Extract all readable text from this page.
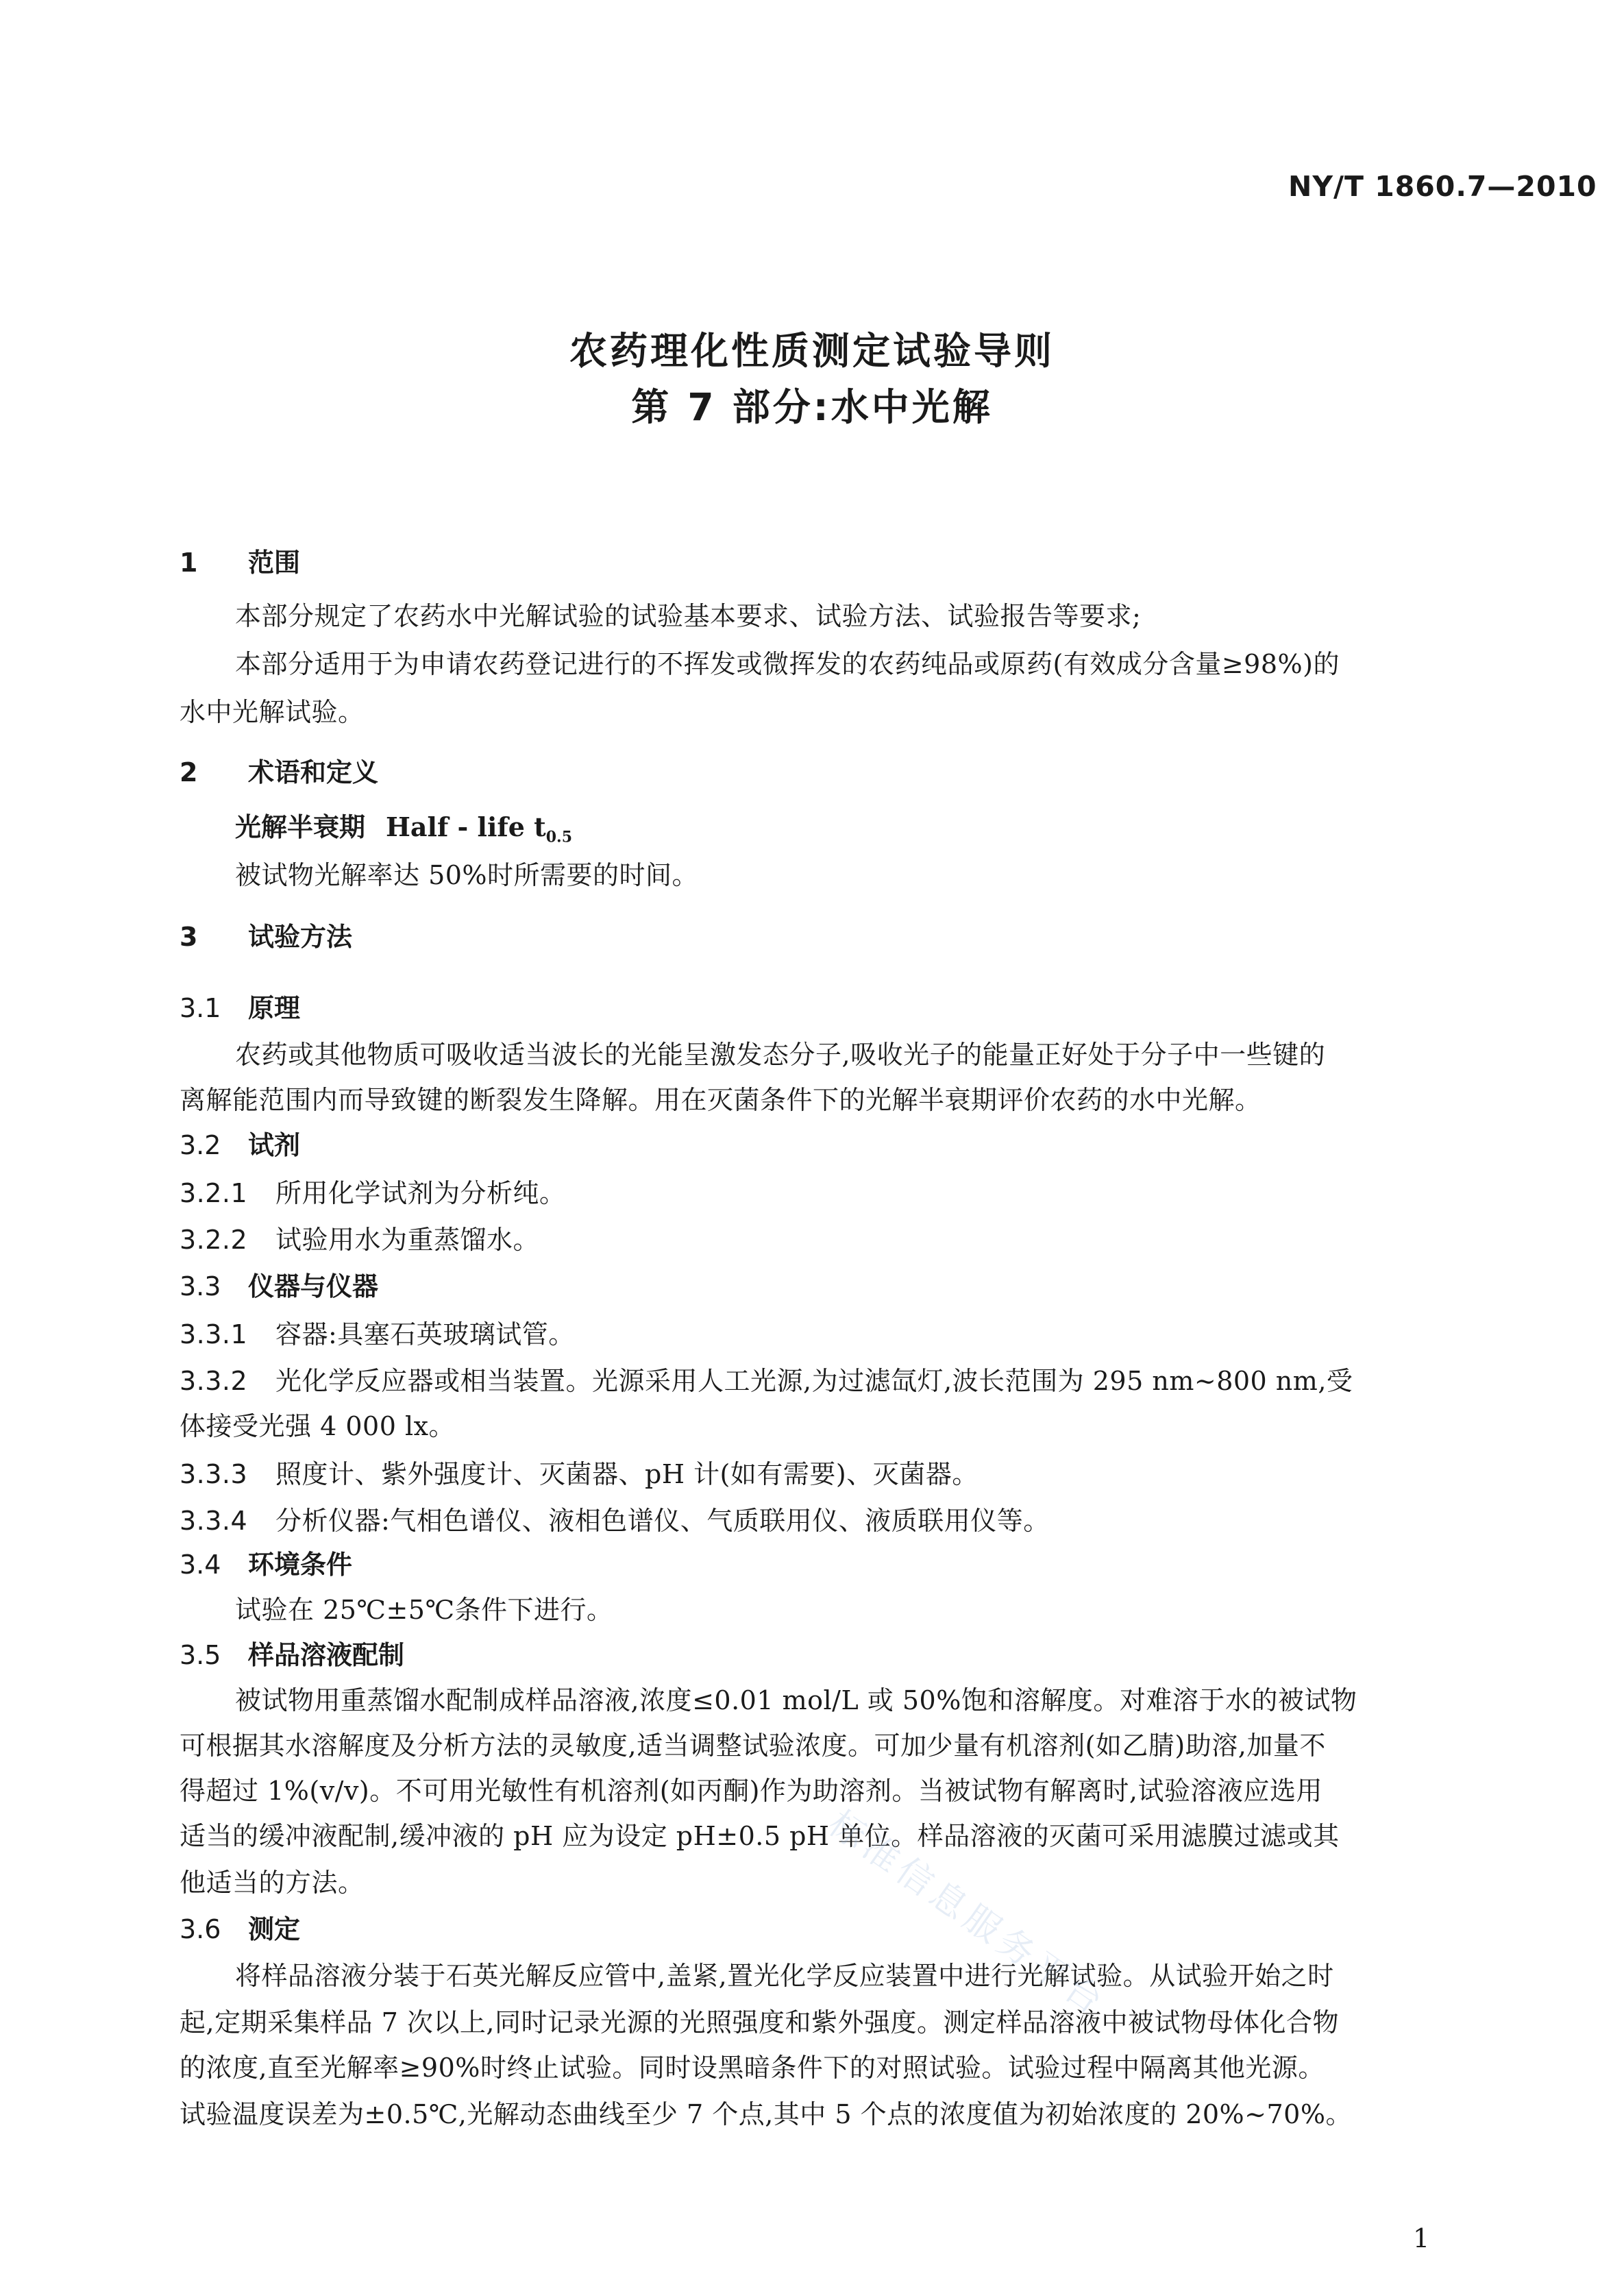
NY/T 1860.7—2010
农药理化性质测定试验导则
第 7 部分:水中光解
1 范围
本部分规定了农药水中光解试验的试验基本要求、试验方法、试验报告等要求;
本部分适用于为申请农药登记进行的不挥发或微挥发的农药纯品或原药(有效成分含量≥98%)的
水中光解试验。
2 术语和定义
光解半衰期 Half - life $t_{0.5}$
被试物光解率达 50%时所需要的时间。
3 试验方法
3.1 原理
农药或其他物质可吸收适当波长的光能呈激发态分子,吸收光子的能量正好处于分子中一些键的
离解能范围内而导致键的断裂发生降解。用在灭菌条件下的光解半衰期评价农药的水中光解。
3.2 试剂
3.2.1 所用化学试剂为分析纯。
3.2.2 试验用水为重蒸馏水。
3.3 仪器与仪器
3.3.1 容器:具塞石英玻璃试管。
3.3.2 光化学反应器或相当装置。光源采用人工光源,为过滤氙灯,波长范围为 295 nm~800 nm,受
体接受光强 4 000 lx。
3.3.3 照度计、紫外强度计、灭菌器、pH 计(如有需要)、灭菌器。
3.3.4 分析仪器:气相色谱仪、液相色谱仪、气质联用仪、液质联用仪等。
3.4 环境条件
试验在 25℃±5℃条件下进行。
3.5 样品溶液配制
被试物用重蒸馏水配制成样品溶液,浓度≤0.01 mol/L 或 50%饱和溶解度。对难溶于水的被试物
可根据其水溶解度及分析方法的灵敏度,适当调整试验浓度。可加少量有机溶剂(如乙腈)助溶,加量不
得超过 1%(v/v)。不可用光敏性有机溶剂(如丙酮)作为助溶剂。当被试物有解离时,试验溶液应选用
适当的缓冲液配制,缓冲液的 pH 应为设定 pH±0.5 pH 单位。样品溶液的灭菌可采用滤膜过滤或其
他适当的方法。
3.6 测定
将样品溶液分装于石英光解反应管中,盖紧,置光化学反应装置中进行光解试验。从试验开始之时
起,定期采集样品 7 次以上,同时记录光源的光照强度和紫外强度。测定样品溶液中被试物母体化合物
的浓度,直至光解率≥90%时终止试验。同时设黑暗条件下的对照试验。试验过程中隔离其他光源。
试验温度误差为±0.5℃,光解动态曲线至少 7 个点,其中 5 个点的浓度值为初始浓度的 20%~70%。
标准信息服务平台
1
